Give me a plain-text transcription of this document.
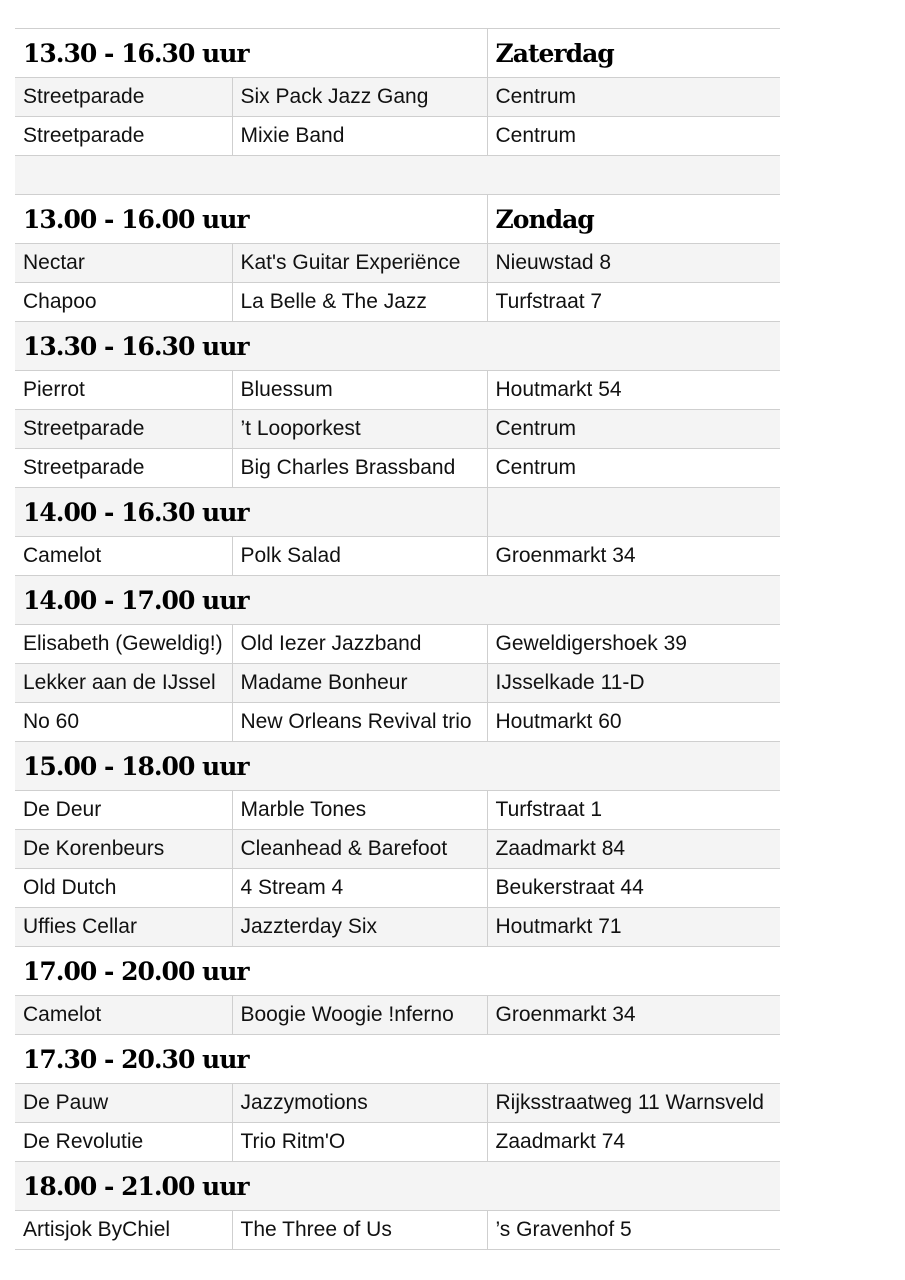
13.30 - 16.30 uur		Zaterdag
Streetparade	Six Pack Jazz Gang	Centrum
Streetparade	Mixie Band	Centrum

13.00 - 16.00 uur		Zondag
Nectar	Kat's Guitar Experiënce	Nieuwstad 8
Chapoo	La Belle & The Jazz	Turfstraat 7
13.30 - 16.30 uur		
Pierrot	Bluessum	Houtmarkt 54
Streetparade	’t Looporkest	Centrum
Streetparade	Big Charles Brassband	Centrum
14.00 - 16.30 uur		
Camelot	Polk Salad	Groenmarkt 34
14.00 - 17.00 uur		
Elisabeth (Geweldig!)	Old Iezer Jazzband	Geweldigershoek 39
Lekker aan de IJssel	Madame Bonheur	IJsselkade 11-D
No 60	New Orleans Revival trio	Houtmarkt 60
15.00 - 18.00 uur		
De Deur	Marble Tones	Turfstraat 1
De Korenbeurs	Cleanhead & Barefoot	Zaadmarkt 84
Old Dutch	4 Stream 4	Beukerstraat 44
Uffies Cellar	Jazzterday Six	Houtmarkt 71
17.00 - 20.00 uur		
Camelot	Boogie Woogie !nferno	Groenmarkt 34
17.30 - 20.30 uur		
De Pauw	Jazzymotions	Rijksstraatweg 11 Warnsveld
De Revolutie	Trio Ritm'O	Zaadmarkt 74
18.00 - 21.00 uur		
Artisjok ByChiel	The Three of Us	’s Gravenhof 5
